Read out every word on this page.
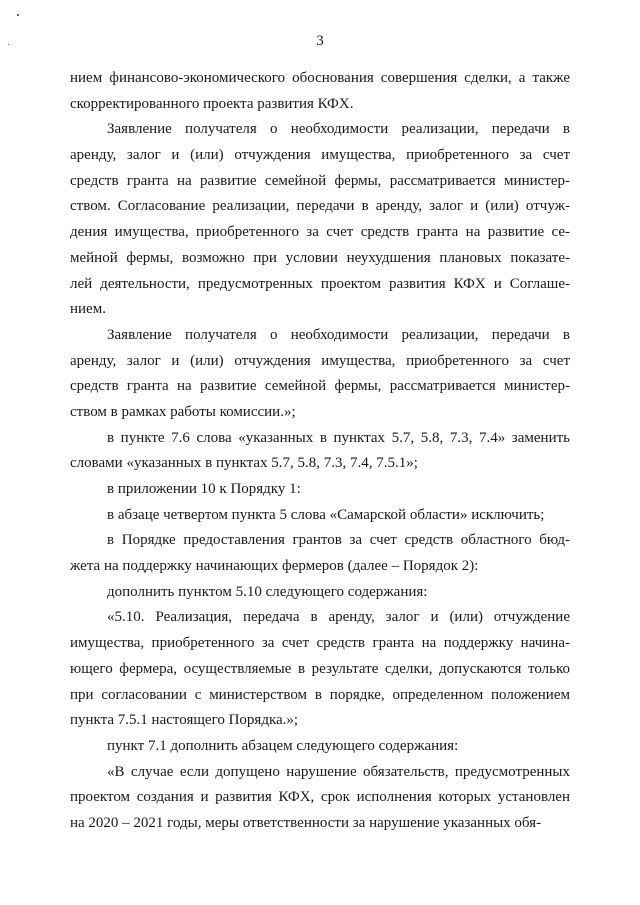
3
нием финансово-экономического обоснования совершения сделки, а также
скорректированного проекта развития КФХ.
Заявление получателя о необходимости реализации, передачи в
аренду, залог и (или) отчуждения имущества, приобретенного за счет
средств гранта на развитие семейной фермы, рассматривается министер-
ством. Согласование реализации, передачи в аренду, залог и (или) отчуж-
дения имущества, приобретенного за счет средств гранта на развитие се-
мейной фермы, возможно при условии неухудшения плановых показате-
лей деятельности, предусмотренных проектом развития КФХ и Соглаше-
нием.
Заявление получателя о необходимости реализации, передачи в
аренду, залог и (или) отчуждения имущества, приобретенного за счет
средств гранта на развитие семейной фермы, рассматривается министер-
ством в рамках работы комиссии.»;
в пункте 7.6 слова «указанных в пунктах 5.7, 5.8, 7.3, 7.4» заменить
словами «указанных в пунктах 5.7, 5.8, 7.3, 7.4, 7.5.1»;
в приложении 10 к Порядку 1:
в абзаце четвертом пункта 5 слова «Самарской области» исключить;
в Порядке предоставления грантов за счет средств областного бюд-
жета на поддержку начинающих фермеров (далее – Порядок 2):
дополнить пунктом 5.10 следующего содержания:
«5.10. Реализация, передача в аренду, залог и (или) отчуждение
имущества, приобретенного за счет средств гранта на поддержку начина-
ющего фермера, осуществляемые в результате сделки, допускаются только
при согласовании с министерством в порядке, определенном положением
пункта 7.5.1 настоящего Порядка.»;
пункт 7.1 дополнить абзацем следующего содержания:
«В случае если допущено нарушение обязательств, предусмотренных
проектом создания и развития КФХ, срок исполнения которых установлен
на 2020 – 2021 годы, меры ответственности за нарушение указанных обя-
